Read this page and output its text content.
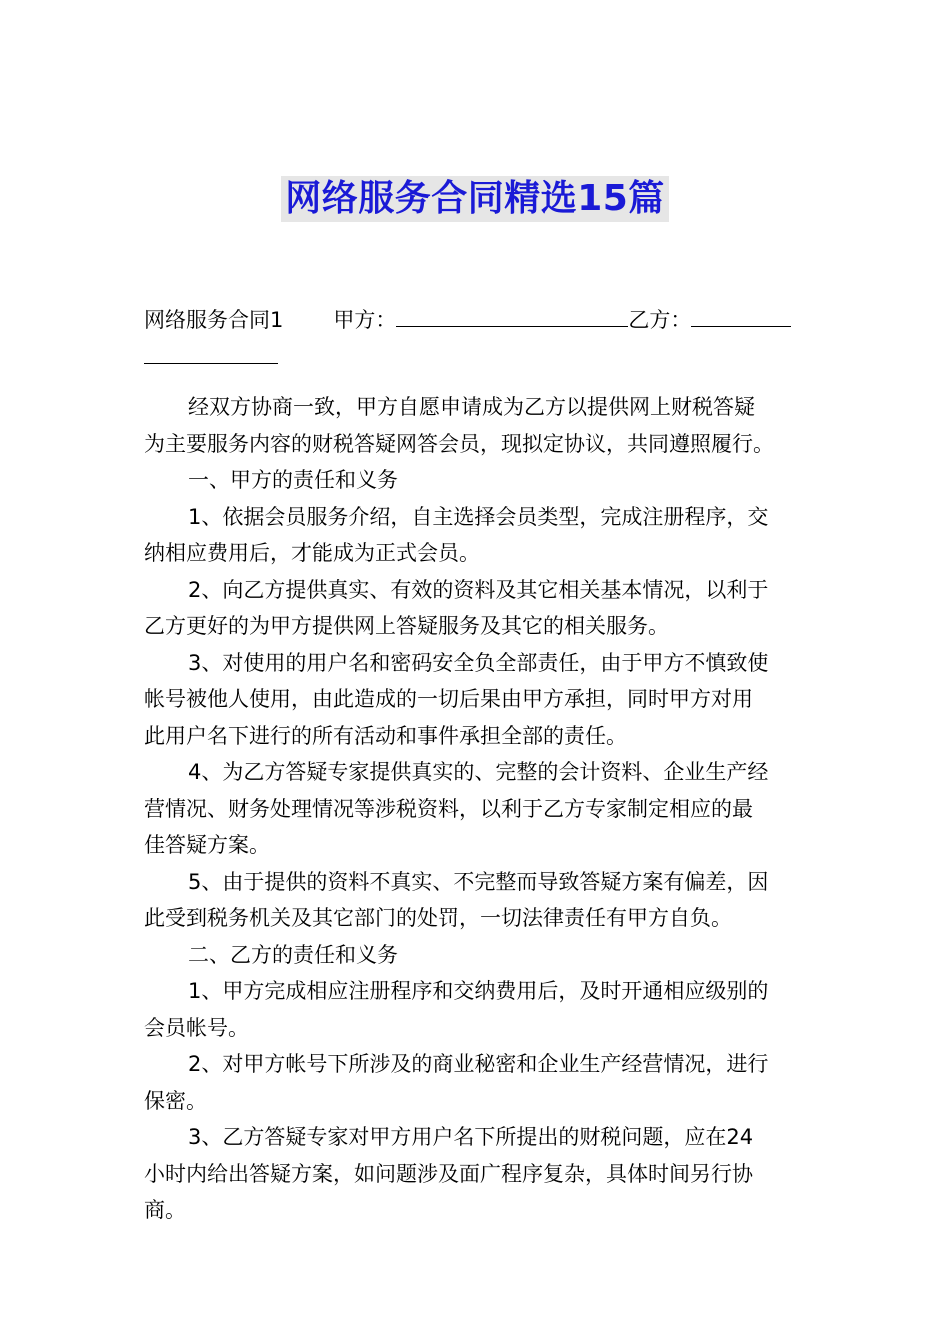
网络服务合同精选15篇
网络服务合同1 甲方：	乙方：
经双方协商一致，甲方自愿申请成为乙方以提供网上财税答疑
为主要服务内容的财税答疑网答会员，现拟定协议，共同遵照履行。
一、甲方的责任和义务
1、依据会员服务介绍，自主选择会员类型，完成注册程序，交
纳相应费用后，才能成为正式会员。
2、向乙方提供真实、有效的资料及其它相关基本情况，以利于
乙方更好的为甲方提供网上答疑服务及其它的相关服务。
3、对使用的用户名和密码安全负全部责任，由于甲方不慎致使
帐号被他人使用，由此造成的一切后果由甲方承担，同时甲方对用
此用户名下进行的所有活动和事件承担全部的责任。
4、为乙方答疑专家提供真实的、完整的会计资料、企业生产经
营情况、财务处理情况等涉税资料，以利于乙方专家制定相应的最
佳答疑方案。
5、由于提供的资料不真实、不完整而导致答疑方案有偏差，因
此受到税务机关及其它部门的处罚，一切法律责任有甲方自负。
二、乙方的责任和义务
1、甲方完成相应注册程序和交纳费用后，及时开通相应级别的
会员帐号。
2、对甲方帐号下所涉及的商业秘密和企业生产经营情况，进行
保密。
3、乙方答疑专家对甲方用户名下所提出的财税问题，应在24
小时内给出答疑方案，如问题涉及面广程序复杂，具体时间另行协
商。
